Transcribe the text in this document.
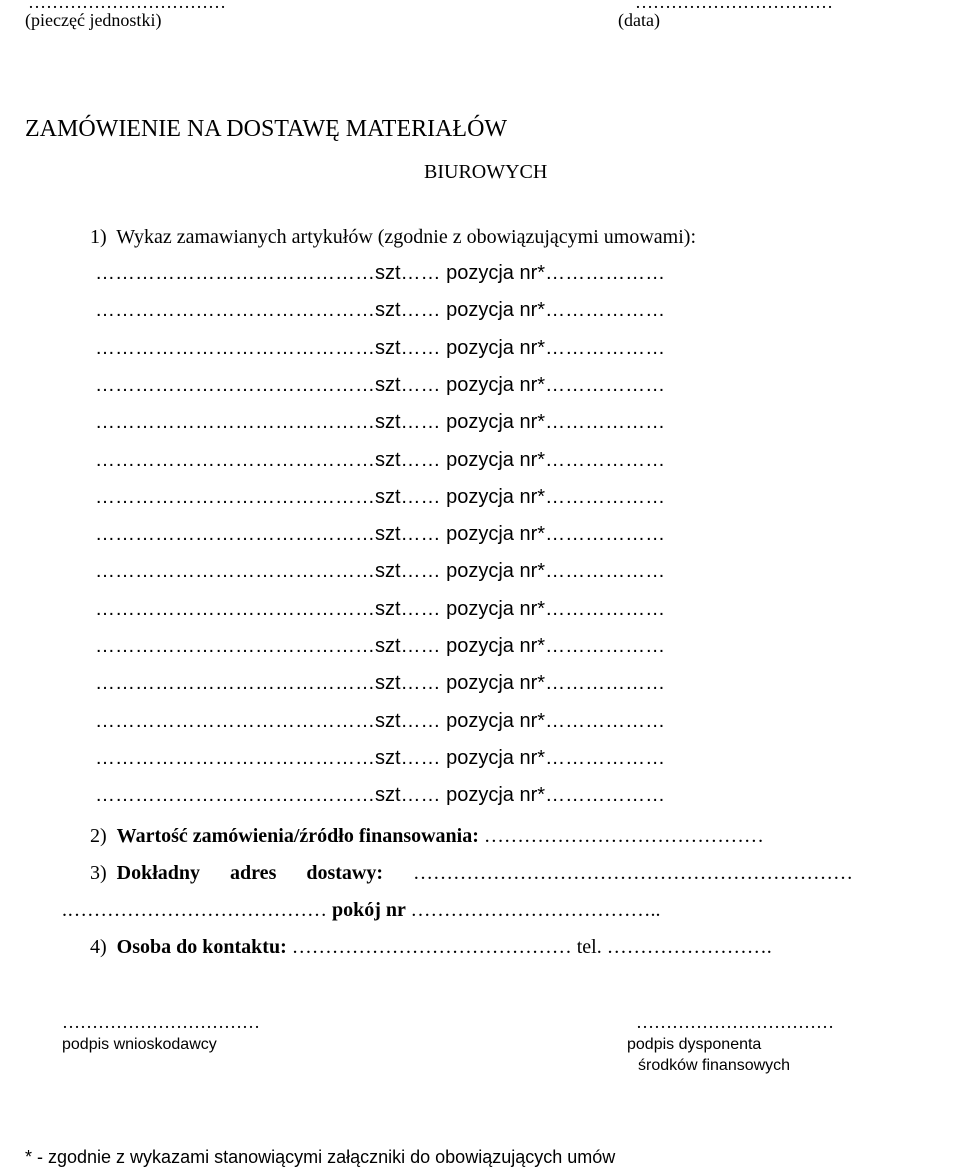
……………………………
(pieczęć jednostki)
……………………………
(data)
ZAMÓWIENIE NA DOSTAWĘ MATERIAŁÓW
BIUROWYCH
1)  Wykaz zamawianych artykułów (zgodnie z obowiązującymi umowami):
……………………………………szt…… pozycja nr*………………
……………………………………szt…… pozycja nr*………………
……………………………………szt…… pozycja nr*………………
……………………………………szt…… pozycja nr*………………
……………………………………szt…… pozycja nr*………………
……………………………………szt…… pozycja nr*………………
……………………………………szt…… pozycja nr*………………
……………………………………szt…… pozycja nr*………………
……………………………………szt…… pozycja nr*………………
……………………………………szt…… pozycja nr*………………
……………………………………szt…… pozycja nr*………………
……………………………………szt…… pozycja nr*………………
……………………………………szt…… pozycja nr*………………
……………………………………szt…… pozycja nr*………………
……………………………………szt…… pozycja nr*………………
2) Wartość zamówienia/źródło finansowania: ……………………………………
3) Dokładny adres dostawy: …………………………………………………………
.………………………………… pokój nr ………………………………..
4) Osoba do kontaktu: …………………………………… tel. …………………….
……………………………
podpis wnioskodawcy
……………………………
podpis dysponenta
środków finansowych
* - zgodnie z wykazami stanowiącymi załączniki do obowiązujących umów
